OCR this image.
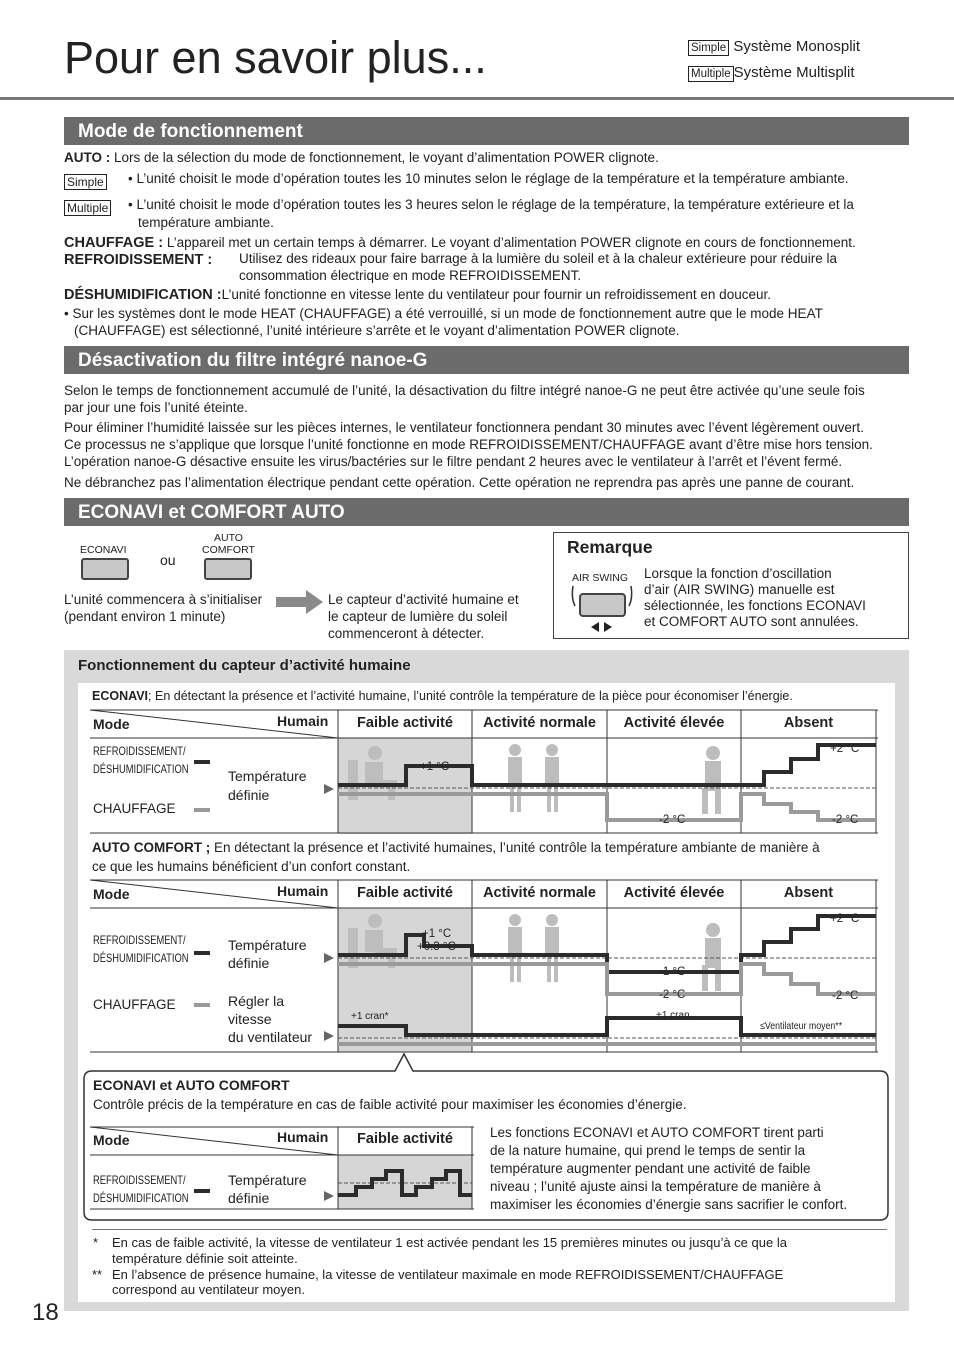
Pour en savoir plus...	Simple Système Monosplit
Multiple Système Multisplit
Mode de fonctionnement
AUTO : Lors de la sélection du mode de fonctionnement, le voyant d’alimentation POWER clignote.
Simple • L’unité choisit le mode d’opération toutes les 10 minutes selon le réglage de la température et la température ambiante.
Multiple • L’unité choisit le mode d’opération toutes les 3 heures selon le réglage de la température, la température extérieure et la
température ambiante.
CHAUFFAGE : L’appareil met un certain temps à démarrer. Le voyant d’alimentation POWER clignote en cours de fonctionnement.
REFROIDISSEMENT : Utilisez des rideaux pour faire barrage à la lumière du soleil et à la chaleur extérieure pour réduire la
consommation électrique en mode REFROIDISSEMENT.
DÉSHUMIDIFICATION :L’unité fonctionne en vitesse lente du ventilateur pour fournir un refroidissement en douceur.
• Sur les systèmes dont le mode HEAT (CHAUFFAGE) a été verrouillé, si un mode de fonctionnement autre que le mode HEAT
(CHAUFFAGE) est sélectionné, l’unité intérieure s’arrête et le voyant d’alimentation POWER clignote.
Désactivation du filtre intégré nanoe-G
Selon le temps de fonctionnement accumulé de l’unité, la désactivation du filtre intégré nanoe-G ne peut être activée qu’une seule fois
par jour une fois l’unité éteinte.
Pour éliminer l’humidité laissée sur les pièces internes, le ventilateur fonctionnera pendant 30 minutes avec l’évent légèrement ouvert.
Ce processus ne s’applique que lorsque l’unité fonctionne en mode REFROIDISSEMENT/CHAUFFAGE avant d’être mise hors tension.
L’opération nanoe-G désactive ensuite les virus/bactéries sur le filtre pendant 2 heures avec le ventilateur à l’arrêt et l’évent fermé.
Ne débranchez pas l’alimentation électrique pendant cette opération. Cette opération ne reprendra pas après une panne de courant.
ECONAVI et COMFORT AUTO
ECONAVI
ou
AUTO
COMFORT
L’unité commencera à s’initialiser
(pendant environ 1 minute)
Le capteur d’activité humaine et
le capteur de lumière du soleil
commenceront à détecter.
Remarque
AIR SWING Lorsque la fonction d’oscillation
d’air (AIR SWING) manuelle est
sélectionnée, les fonctions ECONAVI
et COMFORT AUTO sont annulées.
Fonctionnement du capteur d’activité humaine
ECONAVI; En détectant la présence et l’activité humaine, l’unité contrôle la température de la pièce pour économiser l’énergie.
Mode	Humain	Faible activité	Activité normale	Activité élevée	Absent
REFROIDISSEMENT/
DÉSHUMIDIFICATION
CHAUFFAGE
Température
définie
+1 °C
+2 °C
-2 °C	-2 °C
AUTO COMFORT ; En détectant la présence et l’activité humaines, l’unité contrôle la température ambiante de manière à
ce que les humains bénéficient d’un confort constant.
Mode	Humain	Faible activité	Activité normale	Activité élevée	Absent
REFROIDISSEMENT/
DÉSHUMIDIFICATION
CHAUFFAGE
Température
définie
Régler la
vitesse
du ventilateur
+1 °C
+0.3 °C
+2 °C
-1 °C
-2 °C	-2 °C
+1 cran*	+1 cran
≤Ventilateur moyen**
ECONAVI et AUTO COMFORT
Contrôle précis de la température en cas de faible activité pour maximiser les économies d’énergie.
Mode	Humain	Faible activité
REFROIDISSEMENT/
DÉSHUMIDIFICATION
Température
définie
Les fonctions ECONAVI et AUTO COMFORT tirent parti
de la nature humaine, qui prend le temps de sentir la
température augmenter pendant une activité de faible
niveau ; l’unité ajuste ainsi la température de manière à
maximiser les économies d’énergie sans sacrifier le confort.
* En cas de faible activité, la vitesse de ventilateur 1 est activée pendant les 15 premières minutes ou jusqu’à ce que la
température définie soit atteinte.
** En l’absence de présence humaine, la vitesse de ventilateur maximale en mode REFROIDISSEMENT/CHAUFFAGE
correspond au ventilateur moyen.
18
